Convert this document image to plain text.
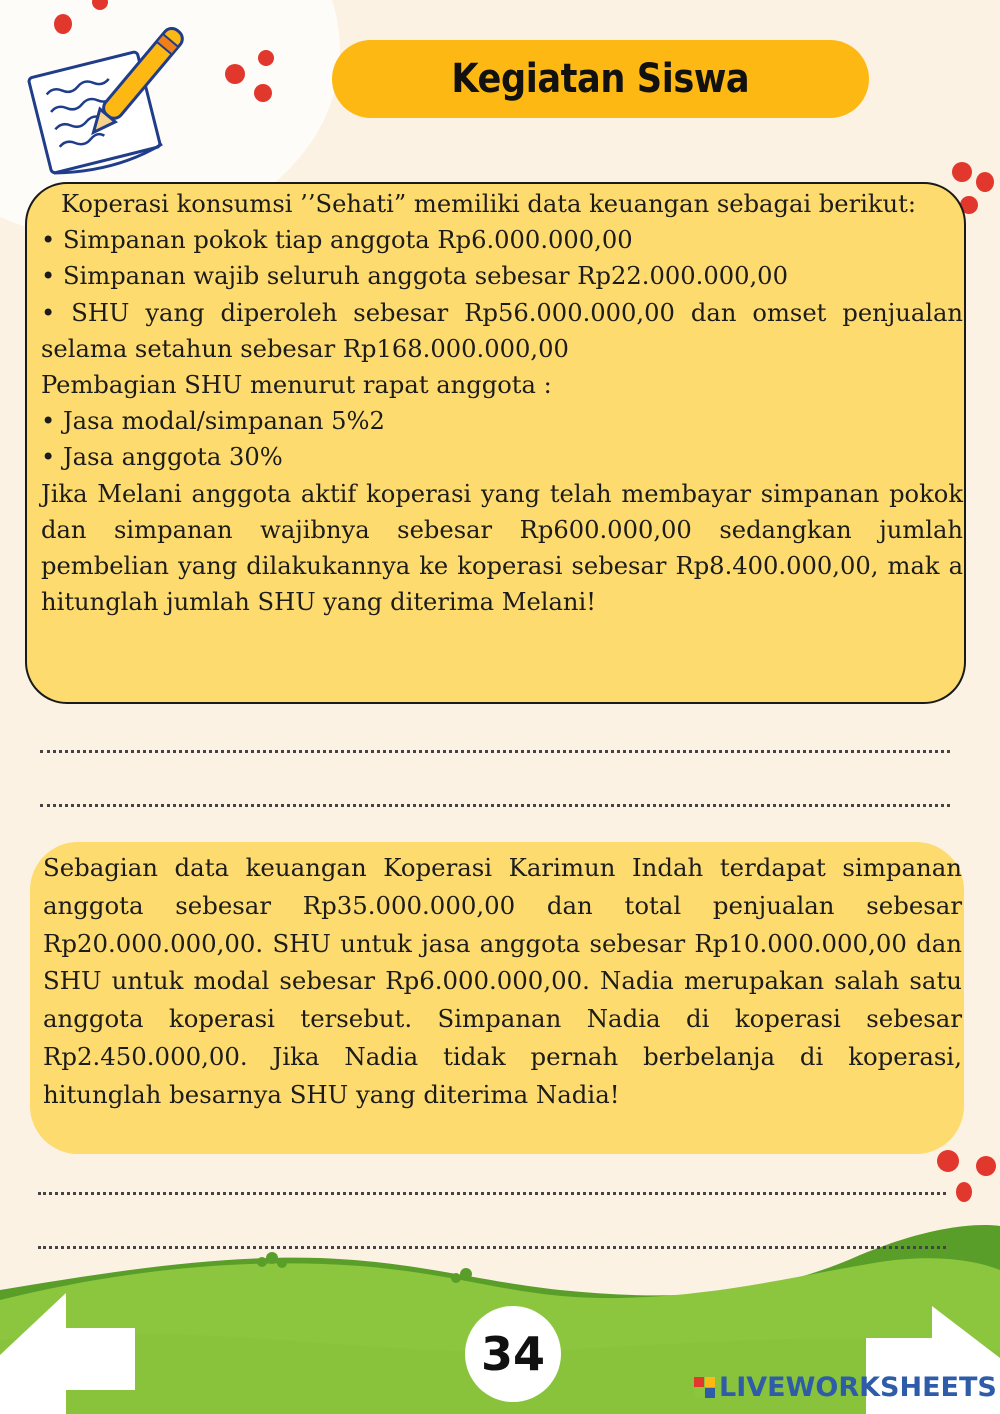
Kegiatan Siswa

Koperasi konsumsi ’’Sehati” memiliki data keuangan sebagai berikut:

• Simpanan pokok tiap anggota Rp6.000.000,00

• Simpanan wajib seluruh anggota sebesar Rp22.000.000,00

• SHU yang diperoleh sebesar Rp56.000.000,00 dan omset penjualan selama setahun sebesar Rp168.000.000,00

Pembagian SHU menurut rapat anggota :

• Jasa modal/simpanan 5%2

• Jasa anggota 30%

Jika Melani anggota aktif koperasi yang telah membayar simpanan pokok dan simpanan wajibnya sebesar Rp600.000,00 sedangkan jumlah pembelian yang dilakukannya ke koperasi sebesar Rp8.400.000,00, mak a hitunglah jumlah SHU yang diterima Melani!

Sebagian data keuangan Koperasi Karimun Indah terdapat simpanan anggota sebesar Rp35.000.000,00 dan total penjualan sebesar Rp20.000.000,00. SHU untuk jasa anggota sebesar Rp10.000.000,00 dan SHU untuk modal sebesar Rp6.000.000,00. Nadia merupakan salah satu anggota koperasi tersebut. Simpanan Nadia di koperasi sebesar Rp2.450.000,00. Jika Nadia tidak pernah berbelanja di koperasi, hitunglah besarnya SHU yang diterima Nadia!
34
LIVEWORKSHEETS
